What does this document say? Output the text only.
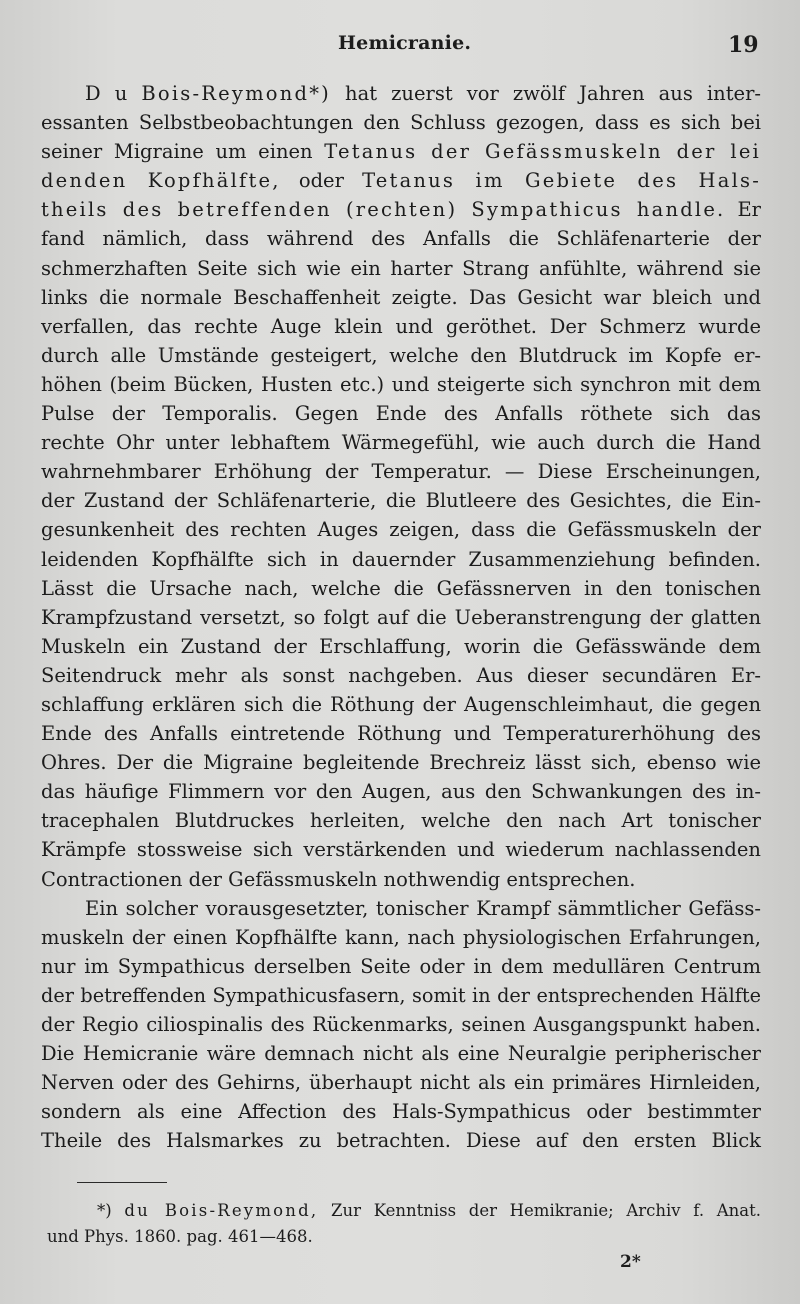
Hemicranie.	19
D u Bois-Reymond*) hat zuerst vor zwölf Jahren aus inter-
essanten Selbstbeobachtungen den Schluss gezogen, dass es sich bei
seiner Migraine um einen Tetanus der Gefässmuskeln der lei
denden Kopfhälfte, oder Tetanus im Gebiete des Hals-
theils des betreffenden (rechten) Sympathicus handle. Er
fand nämlich, dass während des Anfalls die Schläfenarterie der
schmerzhaften Seite sich wie ein harter Strang anfühlte, während sie
links die normale Beschaffenheit zeigte. Das Gesicht war bleich und
verfallen, das rechte Auge klein und geröthet. Der Schmerz wurde
durch alle Umstände gesteigert, welche den Blutdruck im Kopfe er-
höhen (beim Bücken, Husten etc.) und steigerte sich synchron mit dem
Pulse der Temporalis. Gegen Ende des Anfalls röthete sich das
rechte Ohr unter lebhaftem Wärmegefühl, wie auch durch die Hand
wahrnehmbarer Erhöhung der Temperatur. — Diese Erscheinungen,
der Zustand der Schläfenarterie, die Blutleere des Gesichtes, die Ein-
gesunkenheit des rechten Auges zeigen, dass die Gefässmuskeln der
leidenden Kopfhälfte sich in dauernder Zusammenziehung befinden.
Lässt die Ursache nach, welche die Gefässnerven in den tonischen
Krampfzustand versetzt, so folgt auf die Ueberanstrengung der glatten
Muskeln ein Zustand der Erschlaffung, worin die Gefässwände dem
Seitendruck mehr als sonst nachgeben. Aus dieser secundären Er-
schlaffung erklären sich die Röthung der Augenschleimhaut, die gegen
Ende des Anfalls eintretende Röthung und Temperaturerhöhung des
Ohres. Der die Migraine begleitende Brechreiz lässt sich, ebenso wie
das häufige Flimmern vor den Augen, aus den Schwankungen des in-
tracephalen Blutdruckes herleiten, welche den nach Art tonischer
Krämpfe stossweise sich verstärkenden und wiederum nachlassenden
Contractionen der Gefässmuskeln nothwendig entsprechen.
Ein solcher vorausgesetzter, tonischer Krampf sämmtlicher Gefäss-
muskeln der einen Kopfhälfte kann, nach physiologischen Erfahrungen,
nur im Sympathicus derselben Seite oder in dem medullären Centrum
der betreffenden Sympathicusfasern, somit in der entsprechenden Hälfte
der Regio ciliospinalis des Rückenmarks, seinen Ausgangspunkt haben.
Die Hemicranie wäre demnach nicht als eine Neuralgie peripherischer
Nerven oder des Gehirns, überhaupt nicht als ein primäres Hirnleiden,
sondern als eine Affection des Hals-Sympathicus oder bestimmter
Theile des Halsmarkes zu betrachten. Diese auf den ersten Blick
*) du Bois-Reymond, Zur Kenntniss der Hemikranie; Archiv f. Anat.
und Phys. 1860. pag. 461—468.
2*
